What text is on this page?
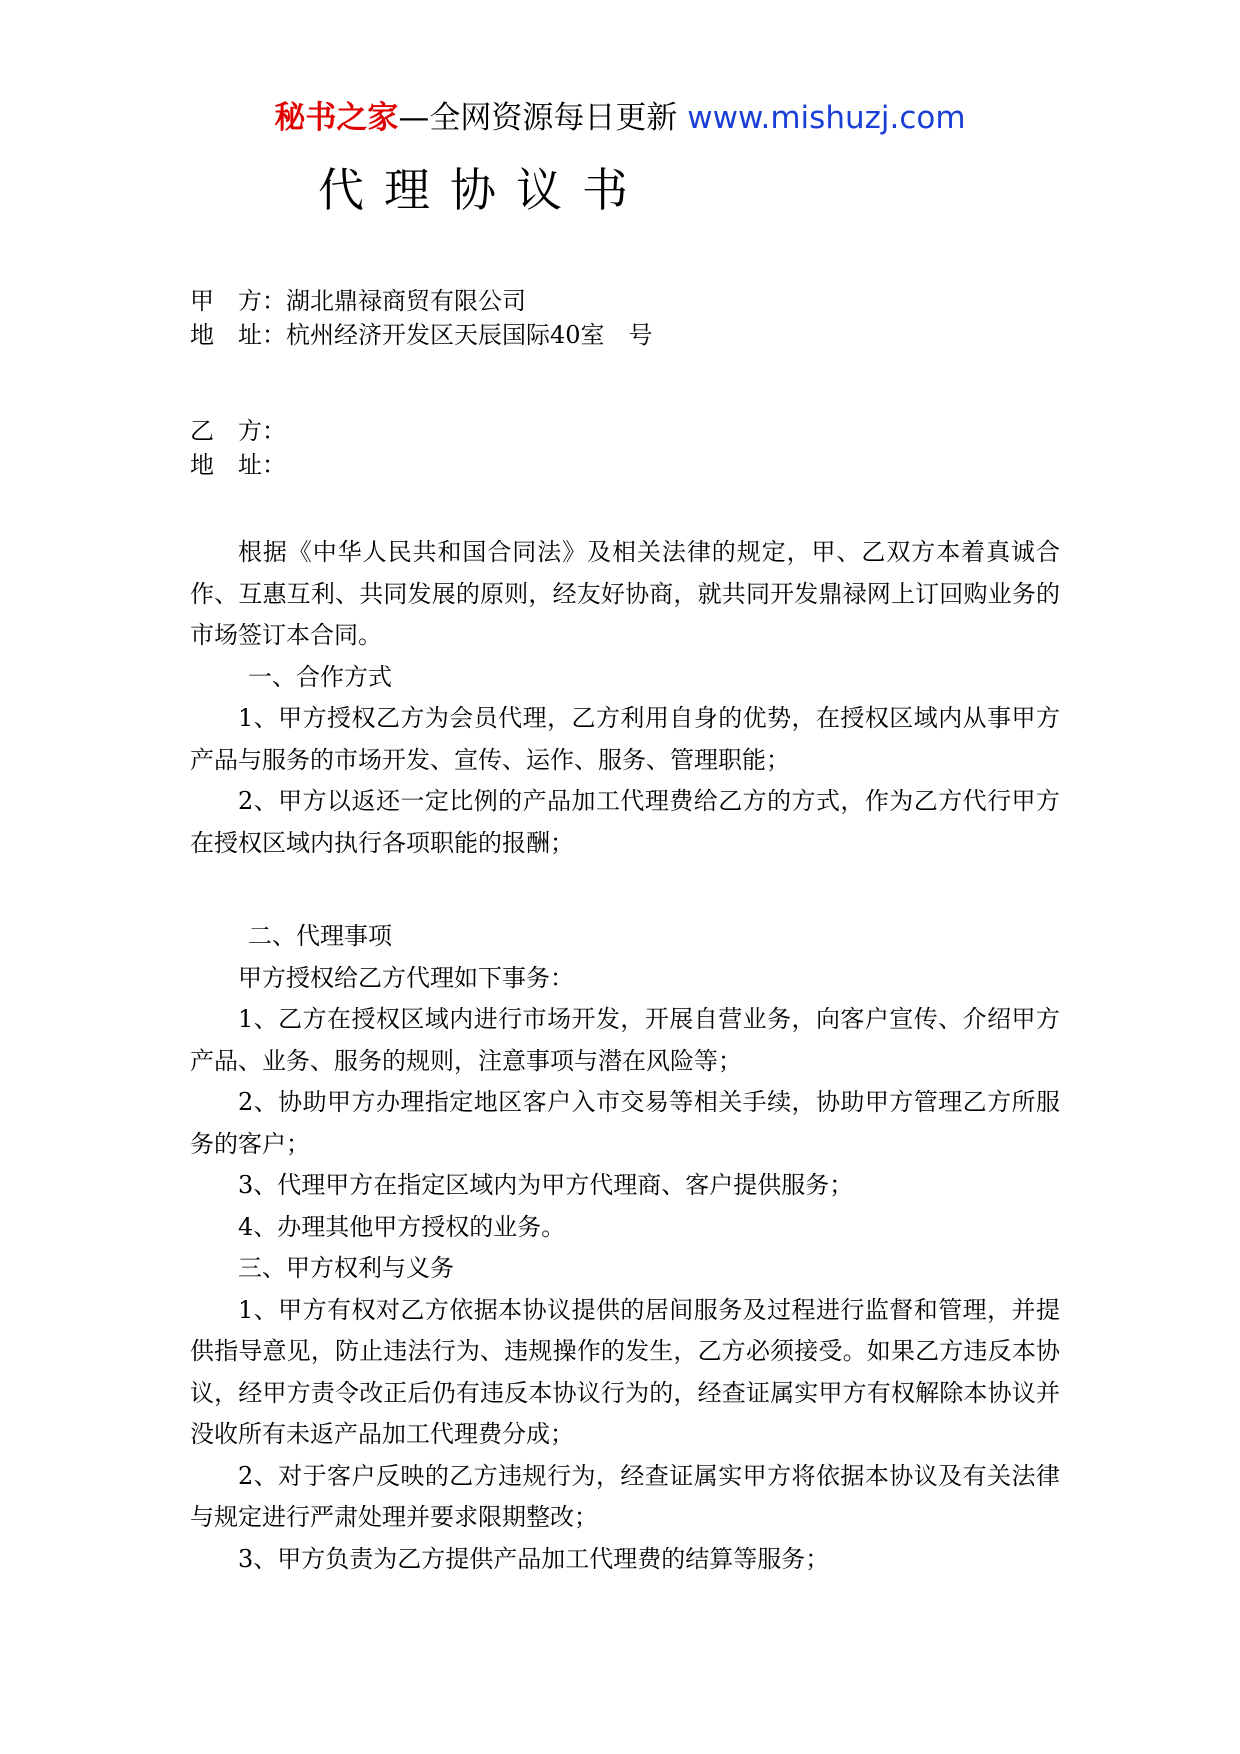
秘书之家—全网资源每日更新 www.mishuzj.com
代理协议书
甲　方：湖北鼎禄商贸有限公司
地　址：杭州经济开发区天辰国际40室　号
乙　方：
地　址：

根据《中华人民共和国合同法》及相关法律的规定，甲、乙双方本着真诚合作、互惠互利、共同发展的原则，经友好协商，就共同开发鼎禄网上订回购业务的市场签订本合同。

一、合作方式

1、甲方授权乙方为会员代理，乙方利用自身的优势，在授权区域内从事甲方产品与服务的市场开发、宣传、运作、服务、管理职能；

2、甲方以返还一定比例的产品加工代理费给乙方的方式，作为乙方代行甲方在授权区域内执行各项职能的报酬；

二、代理事项

甲方授权给乙方代理如下事务：

1、乙方在授权区域内进行市场开发，开展自营业务，向客户宣传、介绍甲方产品、业务、服务的规则，注意事项与潜在风险等；

2、协助甲方办理指定地区客户入市交易等相关手续，协助甲方管理乙方所服务的客户；

3、代理甲方在指定区域内为甲方代理商、客户提供服务；

4、办理其他甲方授权的业务。

三、甲方权利与义务

1、甲方有权对乙方依据本协议提供的居间服务及过程进行监督和管理，并提供指导意见，防止违法行为、违规操作的发生，乙方必须接受。如果乙方违反本协议，经甲方责令改正后仍有违反本协议行为的，经查证属实甲方有权解除本协议并没收所有未返产品加工代理费分成；

2、对于客户反映的乙方违规行为，经查证属实甲方将依据本协议及有关法律与规定进行严肃处理并要求限期整改；

3、甲方负责为乙方提供产品加工代理费的结算等服务；
